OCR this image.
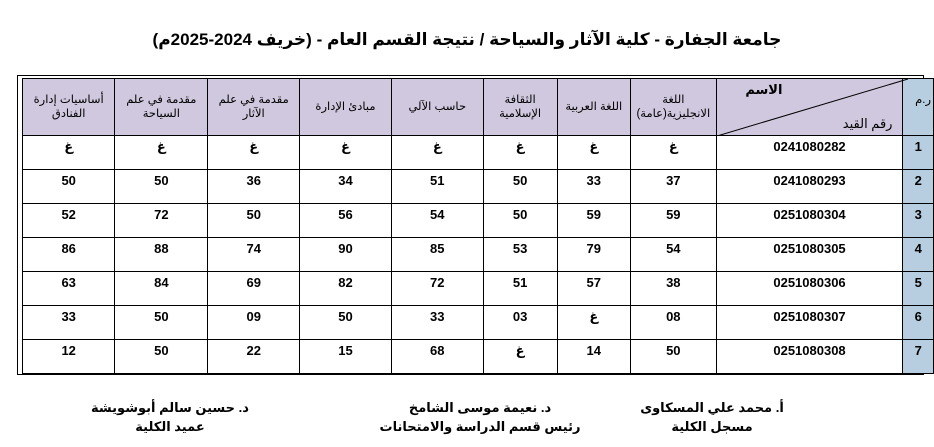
جامعة الجفارة - كلية الآثار والسياحة / نتيجة القسم العام - (خريف 2024-2025م)
ر.م	الاسم
رقم القيد	اللغة الانجليزية(عامة)	اللغة العربية	الثقافة الإسلامية	حاسب الآلي	مبادئ الإدارة	مقدمة في علم الآثار	مقدمة في علم السياحة	أساسيات إدارة الفنادق
1	0241080282	غ	غ	غ	غ	غ	غ	غ	غ
2	0241080293	37	33	50	51	34	36	50	50
3	0251080304	59	59	50	54	56	50	72	52
4	0251080305	54	79	53	85	90	74	88	86
5	0251080306	38	57	51	72	82	69	84	63
6	0251080307	08	غ	03	33	50	09	50	33
7	0251080308	50	14	غ	68	15	22	50	12
أ. محمد علي المسكاوى
مسجل الكلية
د. نعيمة موسى الشامخ
رئيس قسم الدراسة والامتحانات
د. حسين سالم أبوشويشة
عميد الكلية
